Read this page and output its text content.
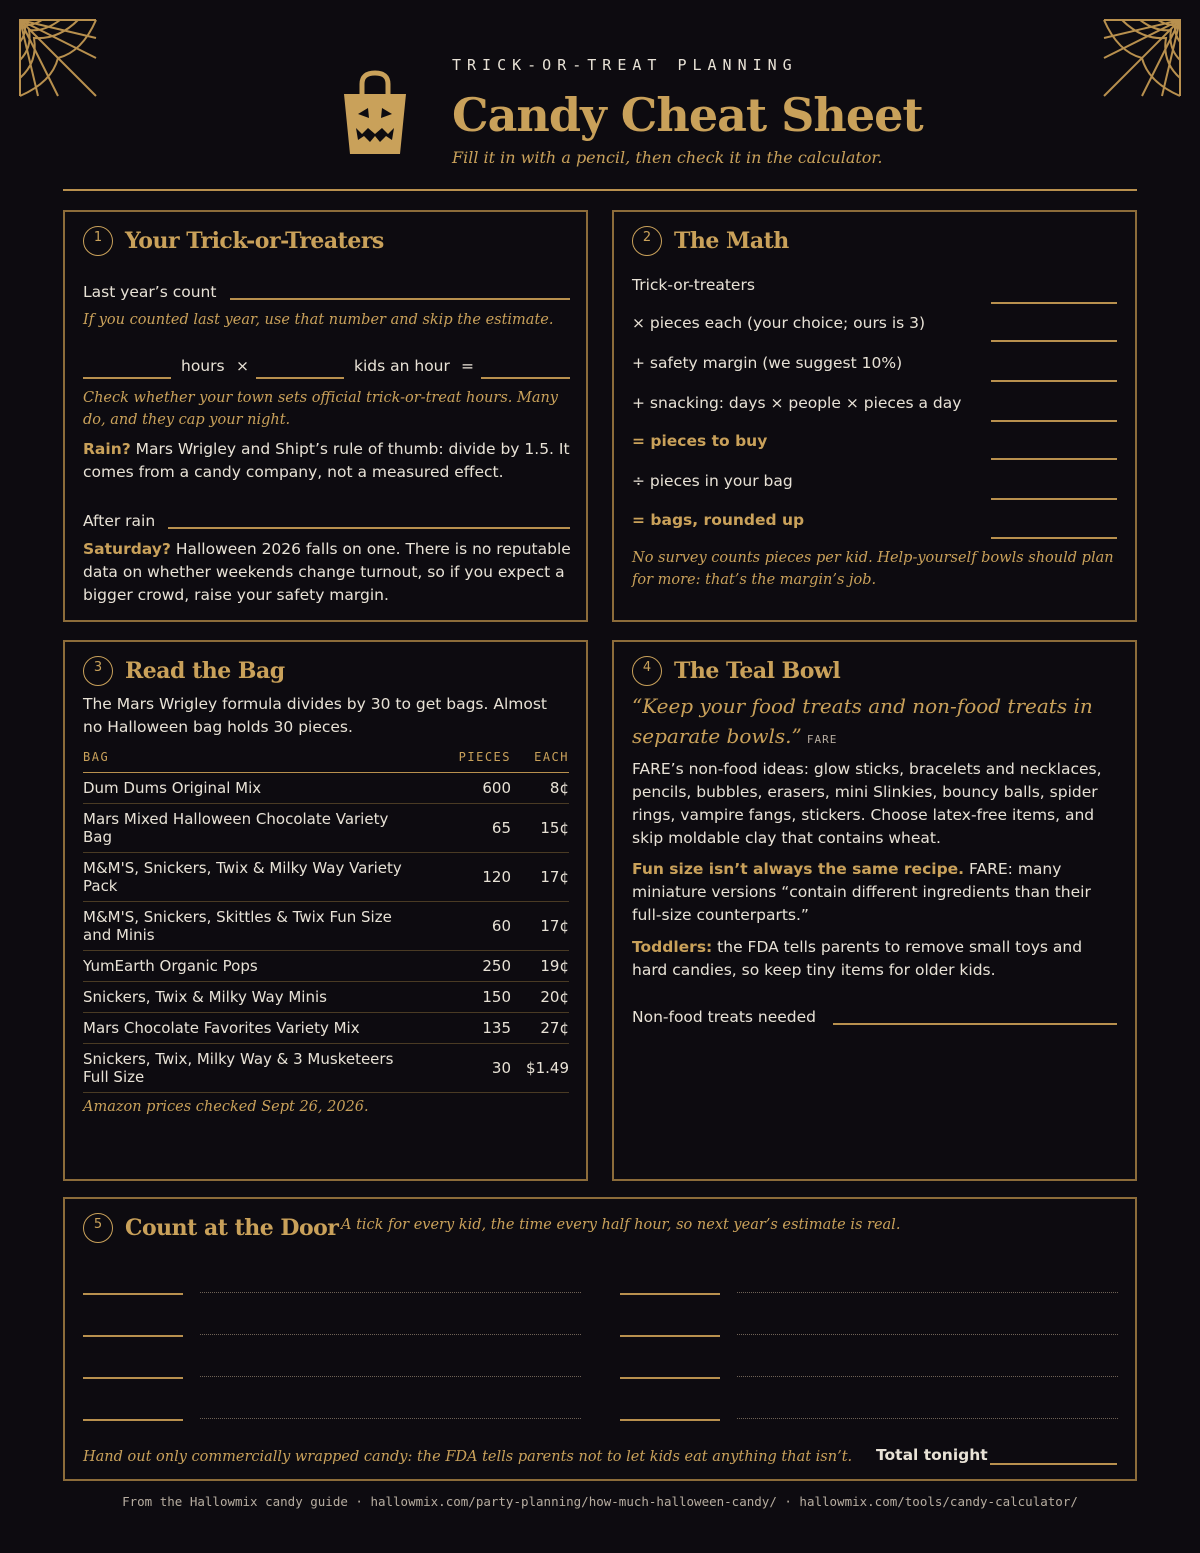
TRICK-OR-TREAT PLANNING
Candy Cheat Sheet
Fill it in with a pencil, then check it in the calculator.
1	Your Trick-or-Treaters
Last year’s count
If you counted last year, use that number and skip the estimate.
hours ×	kids an hour =
Check whether your town sets official trick-or-treat hours. Many do, and they cap your night.
Rain? Mars Wrigley and Shipt’s rule of thumb: divide by 1.5. It comes from a candy company, not a measured effect.
After rain
Saturday? Halloween 2026 falls on one. There is no reputable data on whether weekends change turnout, so if you expect a bigger crowd, raise your safety margin.
2	The Math
Trick-or-treaters
× pieces each (your choice; ours is 3)
+ safety margin (we suggest 10%)
+ snacking: days × people × pieces a day
= pieces to buy
÷ pieces in your bag
= bags, rounded up
No survey counts pieces per kid. Help-yourself bowls should plan for more: that’s the margin’s job.
3	Read the Bag
The Mars Wrigley formula divides by 30 to get bags. Almost no Halloween bag holds 30 pieces.
BAG	PIECES	EACH
Dum Dums Original Mix	600	8¢
Mars Mixed Halloween Chocolate Variety Bag	65	15¢
M&M'S, Snickers, Twix & Milky Way Variety Pack	120	17¢
M&M'S, Snickers, Skittles & Twix Fun Size and Minis	60	17¢
YumEarth Organic Pops	250	19¢
Snickers, Twix & Milky Way Minis	150	20¢
Mars Chocolate Favorites Variety Mix	135	27¢
Snickers, Twix, Milky Way & 3 Musketeers Full Size	30	$1.49
Amazon prices checked Sept 26, 2026.
4	The Teal Bowl
“Keep your food treats and non-food treats in separate bowls.” FARE
FARE’s non-food ideas: glow sticks, bracelets and necklaces, pencils, bubbles, erasers, mini Slinkies, bouncy balls, spider rings, vampire fangs, stickers. Choose latex-free items, and skip moldable clay that contains wheat.
Fun size isn’t always the same recipe. FARE: many miniature versions “contain different ingredients than their full-size counterparts.”
Toddlers: the FDA tells parents to remove small toys and hard candies, so keep tiny items for older kids.
Non-food treats needed
5	Count at the Door A tick for every kid, the time every half hour, so next year’s estimate is real.
Hand out only commercially wrapped candy: the FDA tells parents not to let kids eat anything that isn’t. Total tonight
From the Hallowmix candy guide · hallowmix.com/party-planning/how-much-halloween-candy/ · hallowmix.com/tools/candy-calculator/
